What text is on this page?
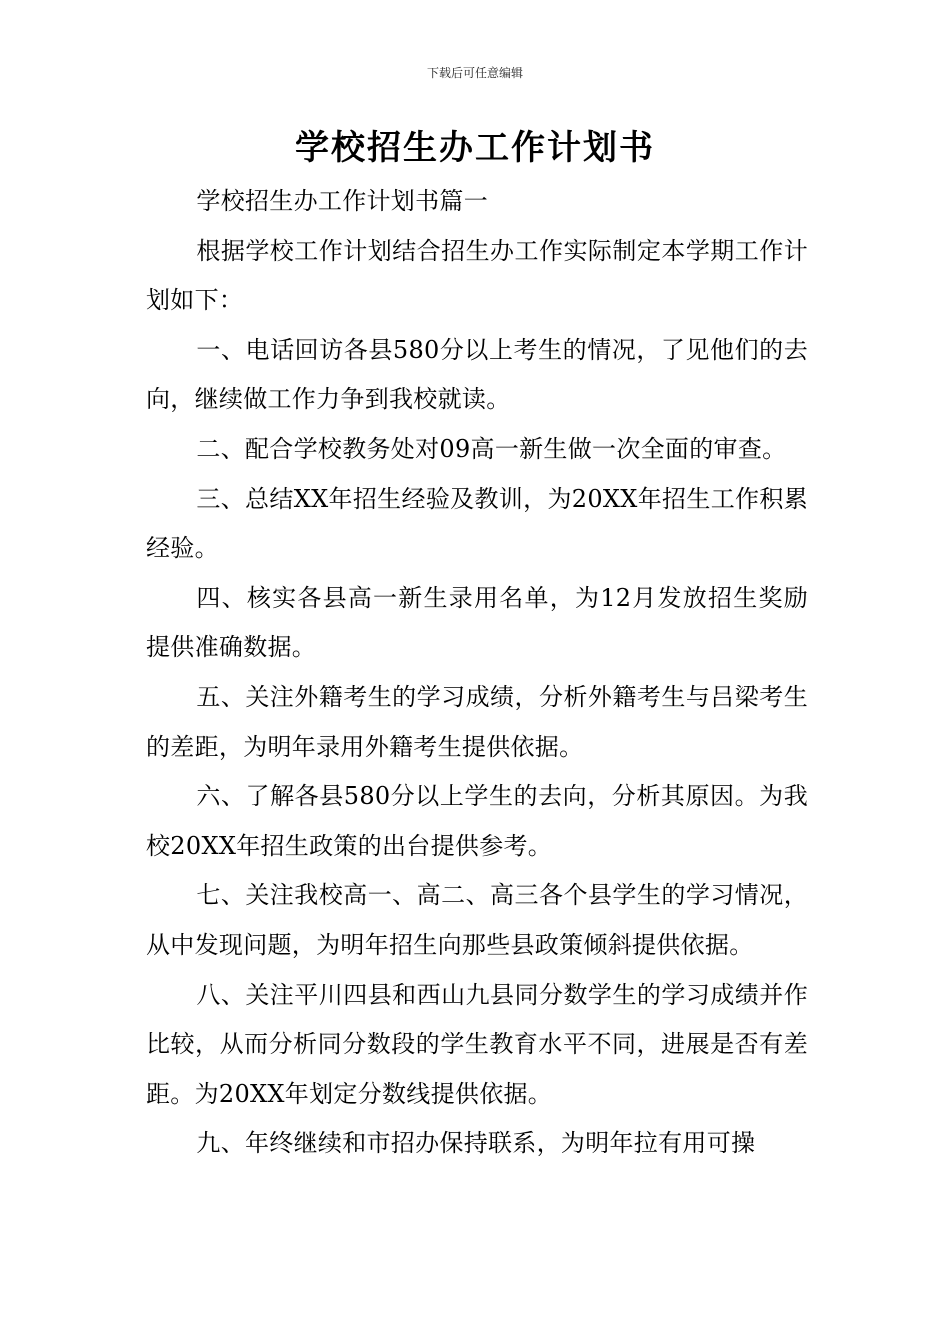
下载后可任意编辑
学校招生办工作计划书

学校招生办工作计划书篇一

根据学校工作计划结合招生办工作实际制定本学期工作计划如下：

一、电话回访各县580分以上考生的情况，了见他们的去向，继续做工作力争到我校就读。

二、配合学校教务处对09高一新生做一次全面的审查。

三、总结XX年招生经验及教训，为20XX年招生工作积累经验。

四、核实各县高一新生录用名单，为12月发放招生奖励提供准确数据。

五、关注外籍考生的学习成绩，分析外籍考生与吕梁考生的差距，为明年录用外籍考生提供依据。

六、了解各县580分以上学生的去向，分析其原因。为我校20XX年招生政策的出台提供参考。

七、关注我校高一、高二、高三各个县学生的学习情况，从中发现问题，为明年招生向那些县政策倾斜提供依据。

八、关注平川四县和西山九县同分数学生的学习成绩并作比较，从而分析同分数段的学生教育水平不同，进展是否有差距。为20XX年划定分数线提供依据。

九、年终继续和市招办保持联系，为明年拉有用可操
